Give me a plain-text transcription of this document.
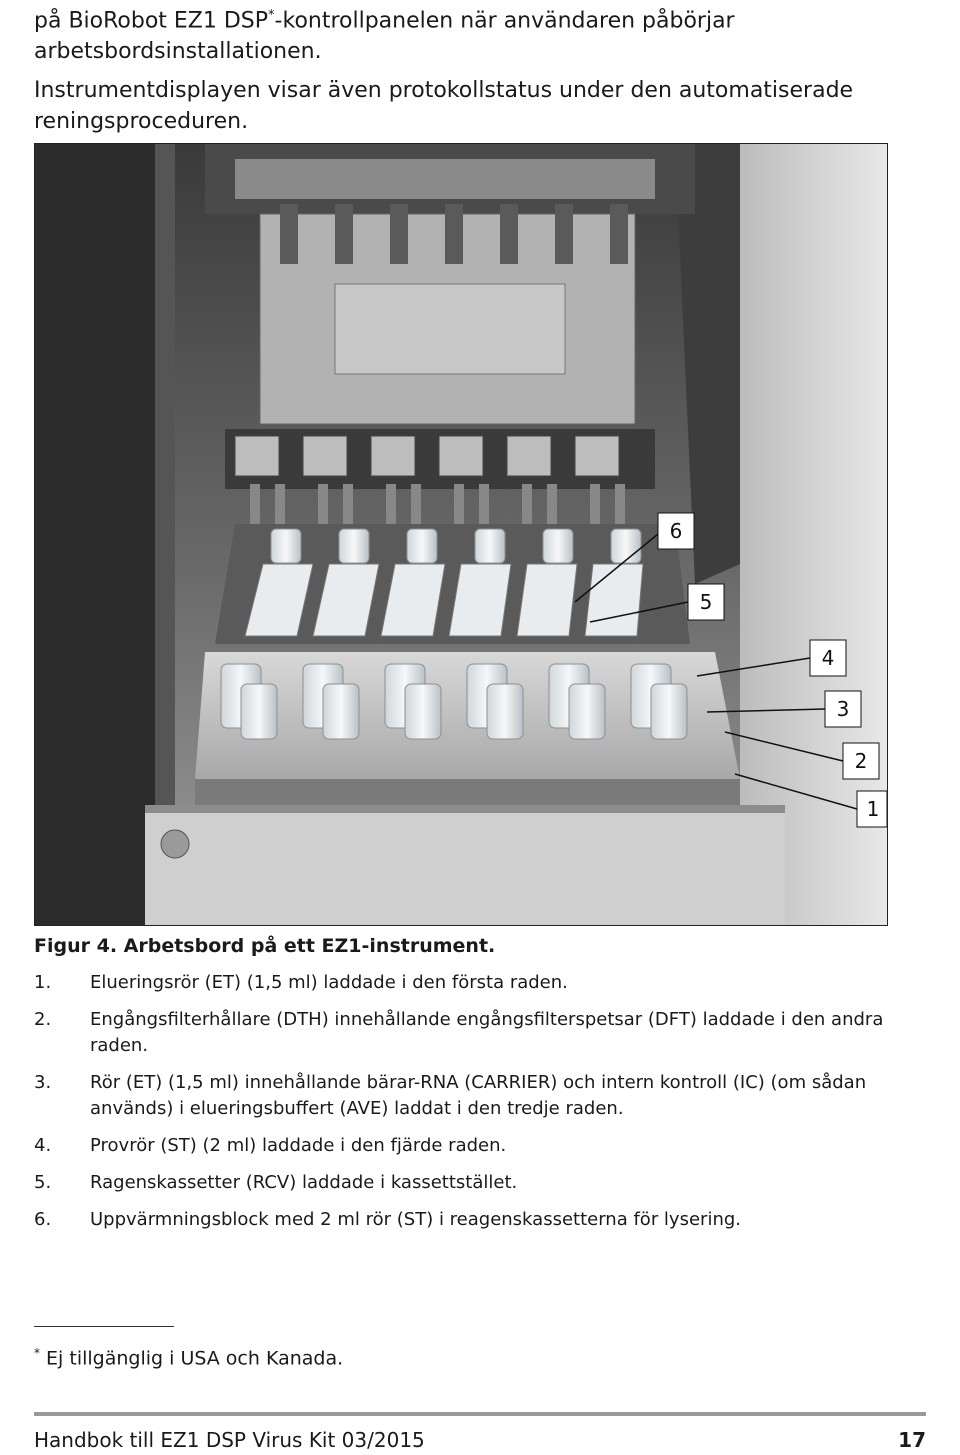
på BioRobot EZ1 DSP*-kontrollpanelen när användaren påbörjar arbetsbordsinstallationen.

Instrumentdisplayen visar även protokollstatus under den automatiserade reningsproceduren.

6
5
4
3
2
1

Figur 4. Arbetsbord på ett EZ1-instrument.

1.	Elueringsrör (ET) (1,5 ml) laddade i den första raden.
2.	Engångsfilterhållare (DTH) innehållande engångsfilterspetsar (DFT) laddade i den andra raden.
3.	Rör (ET) (1,5 ml) innehållande bärar-RNA (CARRIER) och intern kontroll (IC) (om sådan används) i elueringsbuffert (AVE) laddat i den tredje raden.
4.	Provrör (ST) (2 ml) laddade i den fjärde raden.
5.	Ragenskassetter (RCV) laddade i kassettstället.
6.	Uppvärmningsblock med 2 ml rör (ST) i reagenskassetterna för lysering.

* Ej tillgänglig i USA och Kanada.

Handbok till EZ1 DSP Virus Kit 03/2015	17
